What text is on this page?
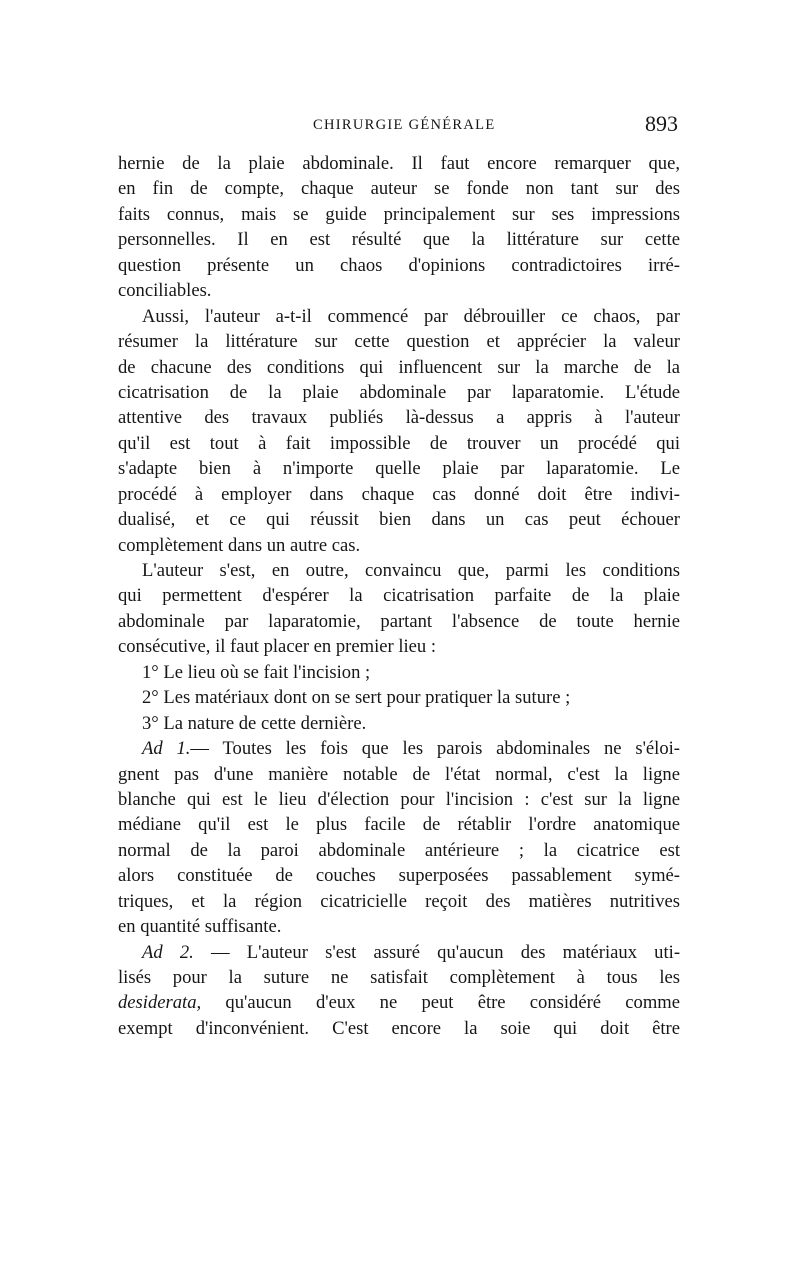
CHIRURGIE GÉNÉRALE	893
hernie de la plaie abdominale. Il faut encore remarquer que,
en fin de compte, chaque auteur se fonde non tant sur des
faits connus, mais se guide principalement sur ses impressions
personnelles. Il en est résulté que la littérature sur cette
question présente un chaos d'opinions contradictoires irré-
conciliables.
Aussi, l'auteur a-t-il commencé par débrouiller ce chaos, par
résumer la littérature sur cette question et apprécier la valeur
de chacune des conditions qui influencent sur la marche de la
cicatrisation de la plaie abdominale par laparatomie. L'étude
attentive des travaux publiés là-dessus a appris à l'auteur
qu'il est tout à fait impossible de trouver un procédé qui
s'adapte bien à n'importe quelle plaie par laparatomie. Le
procédé à employer dans chaque cas donné doit être indivi-
dualisé, et ce qui réussit bien dans un cas peut échouer
complètement dans un autre cas.
L'auteur s'est, en outre, convaincu que, parmi les conditions
qui permettent d'espérer la cicatrisation parfaite de la plaie
abdominale par laparatomie, partant l'absence de toute hernie
consécutive, il faut placer en premier lieu :
1° Le lieu où se fait l'incision ;
2° Les matériaux dont on se sert pour pratiquer la suture ;
3° La nature de cette dernière.
Ad 1.— Toutes les fois que les parois abdominales ne s'éloi-
gnent pas d'une manière notable de l'état normal, c'est la ligne
blanche qui est le lieu d'élection pour l'incision : c'est sur la ligne
médiane qu'il est le plus facile de rétablir l'ordre anatomique
normal de la paroi abdominale antérieure ; la cicatrice est
alors constituée de couches superposées passablement symé-
triques, et la région cicatricielle reçoit des matières nutritives
en quantité suffisante.
Ad 2. — L'auteur s'est assuré qu'aucun des matériaux uti-
lisés pour la suture ne satisfait complètement à tous les
desiderata, qu'aucun d'eux ne peut être considéré comme
exempt d'inconvénient. C'est encore la soie qui doit être
